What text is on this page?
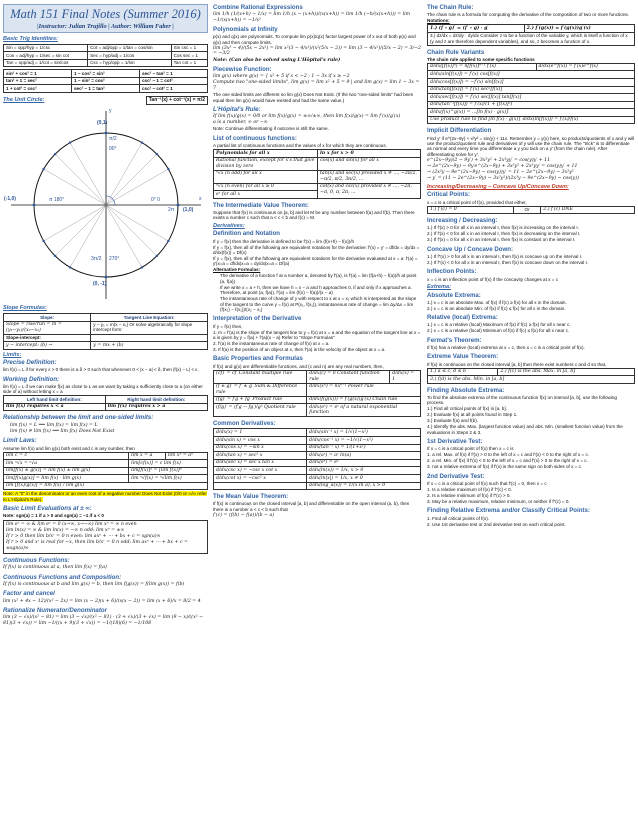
Math 151 Final Notes (Summer 2016)
|Instructor: Julian Trujillo | Author: William Faber |
Basic Trig Identities:
Sin = opp/hyp = 1/csc	Cot = adj/opp = 1/tan = cos/sin	Sin csc = 1
Cos = adj/hyp = 1/sec = sin cot	Sec = hyp/adj = 1/cos	Cos sec = 1
Tan = opp/adj = 1/cot = sin/cos	Csc = hyp/opp = 1/sin	Tan cot = 1
sin² + cos² = 1	1 − cos² = sin²	sec² − tan² = 1
tan² + 1 = sec²	1 − sin² = cos²	csc² − 1 = cot²
1 + cot² = csc²	sec² − 1 = tan²	csc² − cot² = 1
The Unit Circle:	Tan⁻¹(x) + cot⁻¹(x) = π/2
(0,1)
(0, -1)
(-1,0)
(1,0)
90°
π 180°
270°
0° 0	x
y
π/2
3π/2
2π
Slope Formulas:
Slope:	Tangent Line Equation:
Slope = rise/run = m = (y₂−y₁)/(x₂−x₁)	y − y₁ = m(x − x₁) Or solve algebraically for slope intercept form:
Slope-intercept:	
y − intercept: (b) →	y = mx + (b)
Limits:
Precise Definition:
lim f(x) = L if for every ε > 0 there is a δ > 0 such that whenever 0 < |x − a| < δ, then |f(x) − L| < ε.
Working Definition:
lim f(x) = L if we can make f(x) as close to L as we want by taking x sufficiently close to a (on either side of a) without letting x = a
Left hand limit definition:	Right hand limit definition:
lim f(x) requires x < a	lim f(x) requires x > a
Relationship between the limit and one-sided limits:
• lim f(x) = L ⟹ lim f(x) = lim f(x) = L
• lim f(x) ≠ lim f(x) ⟹ lim f(x) Does Not Exist
Limit Laws:
Assume lim f(x) and lim g(x) both exist and c is any number, then
lim c = c	lim x = a	lim xⁿ = aⁿ
lim ⁿ√x = ⁿ√a	lim[cf(x)] = c lim f(x)	
lim[f(x) ± g(x)] = lim f(x) ± lim g(x)	lim[f(x)]ⁿ = [lim f(x)]ⁿ	
lim[f(x)g(x)] = lim f(x) · lim g(x)	lim ⁿ√f(x) = ⁿ√lim f(x)	
lim [f(x)/g(x)] = lim f(x) / lim g(x)		
Note: A "0" in the denominator or an even root of a negative number Does Not Exist (0/0 or ∞/∞ refer to L'Hôpital's Rule).
Basic Limit Evaluations at ± ∞:
Note: sgn(a) = 1 if a > 0 and sgn(a) = −1 if a < 0
lim eˣ = ∞ & lim eˣ = 0 (x→∞, x→−∞) lim xⁿ = ∞ n even
lim ln(x) = ∞ & lim ln(x) = −∞ n odd: lim xⁿ = ±∞
If r > 0 then lim b/xʳ = 0 n even: lim axⁿ + ⋯ + bx + c = sgn(a)∞
If r > 0 and xʳ is real for −x, then lim b/xʳ = 0 n odd: lim axⁿ + ⋯ + bx + c = ±sgn(a)∞
Continuous Functions:
If f(x) is continuous at a, then lim f(x) = f(a)
Continuous Functions and Composition:
If f(x) is continuous at b and lim g(x) = b, then lim f(g(x)) = f(lim g(x)) = f(b)
Factor and cancel
lim (x² + 4x − 12)/(x² − 2x) = lim (x − 2)(x + 6)/(x(x − 2)) = lim (x + 6)/x = 8/2 = 4
Rationalize Numerator/Denominator
lim (3 − √x)/(x² − 81) = lim (3 − √x)/(x² − 81) · (3 + √x)/(3 + √x) = lim (9 − x)/((x² − 81)(3 + √x)) = lim −1/((x + 9)(3 + √x)) = −1/(18)(6) = −1/108
Combine Rational Expressions
lim 1/h (1/(x+h) − 1/x) = lim 1/h (x − (x+h))/(x(x+h)) = lim 1/h (−h/(x(x+h))) = lim −1/(x(x+h)) = −1/x²
Polynomials at Infinity
p(x) and q(x) are polynomials. To compute lim p(x)/q(x) factor largest power of x out of both p(x) and q(x) and then compute limits.
lim (3x² − 4)/(5x − 2x²) = lim x²(3 − 4/x²)/(x²(5/x − 2)) = lim (3 − 4/x²)/(5/x − 2) = 3/−2 = −3/2
Note: (Can also be solved using L'Hôpital's rule)
Piecewise Function:
lim g(x) where g(x) = { x² + 5 if x < −2 ; 1 − 3x if x ≥ −2
Compute two "one-sided limits", lim g(x) = lim x² + 5 = 9 | and lim g(x) = lim 1 − 3x = 7
The one sided limits are different so lim g(x) Does Not Exist. (If the two "one-sided limits" had been equal then lim g(x) would have existed and had the same value.)
L'Hôpital's Rule:
If lim f(x)/g(x) = 0/0 or lim f(x)/g(x) = ±∞/±∞, then lim f(x)/g(x) = lim f′(x)/g′(x)
a is a number, ∞ or −∞
Note: Continue differentiating if outcome is still the same.
List of continuous functions:
A partial list of continuous functions and the values of x for which they are continuous.
Polynomials for all x	ln x for x > 0
Rational function, except for x's that give division by zero	cos(x) and sin(x) for all x
ⁿ√x (n odd) for all x	tan(x) and sec(x) provided x ≠ ..., −3π/2, −π/2, π/2, 3π/2, ...
ⁿ√x (n even) for all x ≥ 0	cot(x) and csc(x) provided x ≠ ..., −2π, −π, 0, π, 2π, ...
eˣ for all x	
The Intermediate Value Theorem:
Suppose that f(x) is continuous on [a, b] and let M be any number between f(a) and f(b). Then there exists a number c such that a < c < b and f(c) = M.
Derivatives:
Definition and Notation
If y = f(x) then the derivative is defined to be f′(x) = lim (f(x+h) − f(x))/h
If y = f(x), then all of the following are equivalent notations for the derivative: f′(x) = y′ = df/dx = dy/dx = d/dx(f(x)) = Df(x)
If y = f(x), then all of the following are equivalent notations for the derivative evaluated at x = a: f′(a) = y′|x=a = df/dx|x=a = dy/dx|x=a = Df(a)
Alternative Formulas:
• The derivative of a function f at a number a, denoted by f′(a), is f′(a) = lim (f(a+h) − f(a))/h at point (a, f(a))
• If we write x = a + h, then we have h = x − a and h approaches 0, if and only if x approaches a. Therefore, at point (a, f(a)), f′(a) = lim (f(x) − f(a))/(x − a)
• The instantaneous rate of change of y with respect to x at x = x₁ which is interpreted as the slope of the tangent to the curve y = f(x) at P(x₁, f(x₁)), instantaneous rate of change = lim Δy/Δx = lim (f(x₂) − f(x₁))/(x₂ − x₁)
Interpretation of the Derivative
If y = f(x) then,
1. m = f′(a) is the slope of the tangent line to y = f(x) at x = a and the equation of the tangent line at x = a is given by y = f(a) + f′(a)(x − a) Refer to "Slope Formulas"
2. f′(a) is the instantaneous rate of change of f(x) at x = a.
3. If f(a) is the position of an object at x, then f′(a) is the velocity of the object at x = a.
Basic Properties and Formulas
If f(x) and g(x) are differentiable functions, and (c and n) are any real numbers, then,
(cf)′ = cf′ Constant multiple rule	d/dx(c) = 0 Constant function rule	d/dx(x) = 1
(f ± g)′ = f′ ± g′ Sum & Difference rule	d/dx(xⁿ) = nxⁿ⁻¹ Power rule	
(fg)′ = f′g + fg′ Product rule	d/dx(f(g(x))) = f′(g(x))g′(x) Chain rule	
(f/g)′ = (f′g − fg′)/g² Quotient rule	d/dx(eˣ) = eˣ of a natural exponential function	
Common Derivatives:
d/dx(x) = 1	d/dx(sin⁻¹ x) = 1/√(1−x²)
d/dx(sin x) = cos x	d/dx(cos⁻¹ x) = −1/√(1−x²)
d/dx(cos x) = −sin x	d/dx(tan⁻¹ x) = 1/(1+x²)
d/dx(tan x) = sec² x	d/dx(aˣ) = aˣ ln(a)
d/dx(sec x) = sec x tan x	d/dx(eˣ) = eˣ
d/dx(csc x) = −csc x cot x	d/dx(ln(x)) = 1/x, x > 0
d/dx(cot x) = −csc² x	d/dx(ln|x|) = 1/x, x ≠ 0
	d/dx(log_a(x)) = 1/(x ln a), x > 0
The Mean Value Theorem:
If f(x) is continuous on the closed interval [a, b] and differentiable on the open interval (a, b), then there is a number a < c < b such that
f′(c) = (f(b) − f(a))/(b − a)
The Chain Rule:
The chain rule is a formula for computing the derivative of the composition of two or more functions.
Notations:
1.) (f ∘ g)′ = (f′ ∘ g) · g′	2.) f′(g(x)) = f′(g(x))g′(x)
3.) dz/dx = dz/dy · dy/dx Consider z to be a function of the variable y, which is itself a function of x (y and z are therefore dependent variables), and so, z becomes a function of x.
Chain Rule Variants
The chain rule applied to some specific functions
d/dx([f(x)]ⁿ) = n[f(x)]ⁿ⁻¹ f′(x)	d/dx(e^f(x)) = f′(x)e^f(x)
d/dx(sin[f(x)]) = f′(x) cos[f(x)]
d/dx(cos[f(x)]) = −f′(x) sin[f(x)]
d/dx(tan[f(x)]) = f′(x) sec²[f(x)]
d/dx(sec[f(x)]) = f′(x) sec[f(x)] tan[f(x)]
d/dx(tan⁻¹[f(x)]) = f′(x)/(1 + [f(x)]²)
d/dx(f(x)^g(x)) = ...[ln f(x) · g(x)]′
Use product rule to find [ln f(x) · g(x)]′ d/dx(ln[f(x)]) = f′(x)/f(x)
Implicit Differentiation
Find y′ if e^(2x−9y) + x³y² = sin(y) + 11x. Remember y = y(x) here, so products/quotients of x and y will use the product/quotient rule and derivatives of y will use the chain rule. The "trick" is to differentiate as normal and every time you differentiate a y you tack on a y′ (from the chain rule). After differentiating solve for y′.
e^(2x−9y)(2 − 9y′) + 3x²y² + 2x³yy′ = cos(y)y′ + 11
→ 2e^(2x−9y) − 9y′e^(2x−9y) + 3x²y² + 2x³yy′ = cos(y)y′ + 11
→ (2x³y − 9e^(2x−9y) − cos(y))y′ = 11 − 2e^(2x−9y) − 3x²y²
→ y′ = (11 − 2e^(2x−9y) − 3x²y²)/(2x³y − 9e^(2x−9y) − cos(y))
Increasing/Decreasing – Concave Up/Concave Down:
Critical Points:
x = c is a critical point of f(x), provided that either,
1.) f′(c) = 0	Or	2.) f′(c) DNE
Increasing / Decreasing:
1.) If f′(x) > 0 for all x in an interval I, then f(x) is increasing on the interval I.
2.) If f′(x) < 0 for all x in an interval I, then f(x) is decreasing on the interval I.
3.) If f′(x) = 0 for all x in an interval I, then f(x) is constant on the interval I.
Concave Up / Concave Down:
1.) If f″(x) > 0 for all x in an interval I, then f(x) is concave up on the interval I.
2.) If f″(x) < 0 for all x in an interval I, then f(x) is concave down on the interval I.
Inflection Points:
x = c is an inflection point of f(x) if the concavity changes at x = c
Extrema:
Absolute Extrema:
1.) x = c is an absolute Max. of f(x) if f(c) ≥ f(x) for all x in the domain.
2.) x = c is an absolute Min. of f(x) if f(c) ≤ f(x) for all x in the domain.
Relative (local) Extrema:
1.) x = c is a relative (local) Maximum of f(x) if f(c) ≥ f(x) for all x near c.
2.) x = c is a relative (local) Minimum of f(x) if f(c) ≤ f(x) for all x near c.
Fermat's Theorem:
If f(x) has a relative (local) extrema at x = c, then x = c is a critical point of f(x).
Extreme Value Theorem:
If f(x) is continuous on the closed interval [a, b] then there exist numbers c and d so that,
1.) a ≤ c, d ≤ b	2.) f(c) is the abs. Max. in [a, b]
3.) f(d) is the abs. Min. in [a, b]
Finding Absolute Extrema:
To find the absolute extrema of the continuous function f(x) on interval [a, b], use the following process.
1.) Find all critical points of f(x) in [a, b].
2.) Evaluate f(x) at all points found in Step 1.
3.) Evaluate f(a) and f(b).
4.) Identify the abs. Max. (largest function value) and abs. Min. (smallest function value) from the evaluations in Steps 2 & 3.
1st Derivative Test:
If x = c is a critical point of f(x) then x = c is
1. a rel. Max. of f(x) if f′(x) > 0 to the left of x = c and f′(x) < 0 to the right of x = c.
2. a rel. Min. of f(x) if f′(x) < 0 to the left of x = c and f′(x) > 0 to the right of x = c.
3. not a relative extrema of f(x) if f′(x) is the same sign on both sides of x = c.
2nd Derivative Test:
If x = c is a critical point of f(x) such that f′(c) = 0, then x = c
1. Is a relative maximum of f(x) if f″(c) < 0.
2. Is a relative minimum of f(x) if f″(c) > 0.
3. May be a relative maximum, relative minimum, or neither if f″(c) = 0.
Finding Relative Extrema and/or Classify Critical Points:
1. Find all critical points of f(x).
2. Use 1st derivative test or 2nd derivative test on each critical point.
